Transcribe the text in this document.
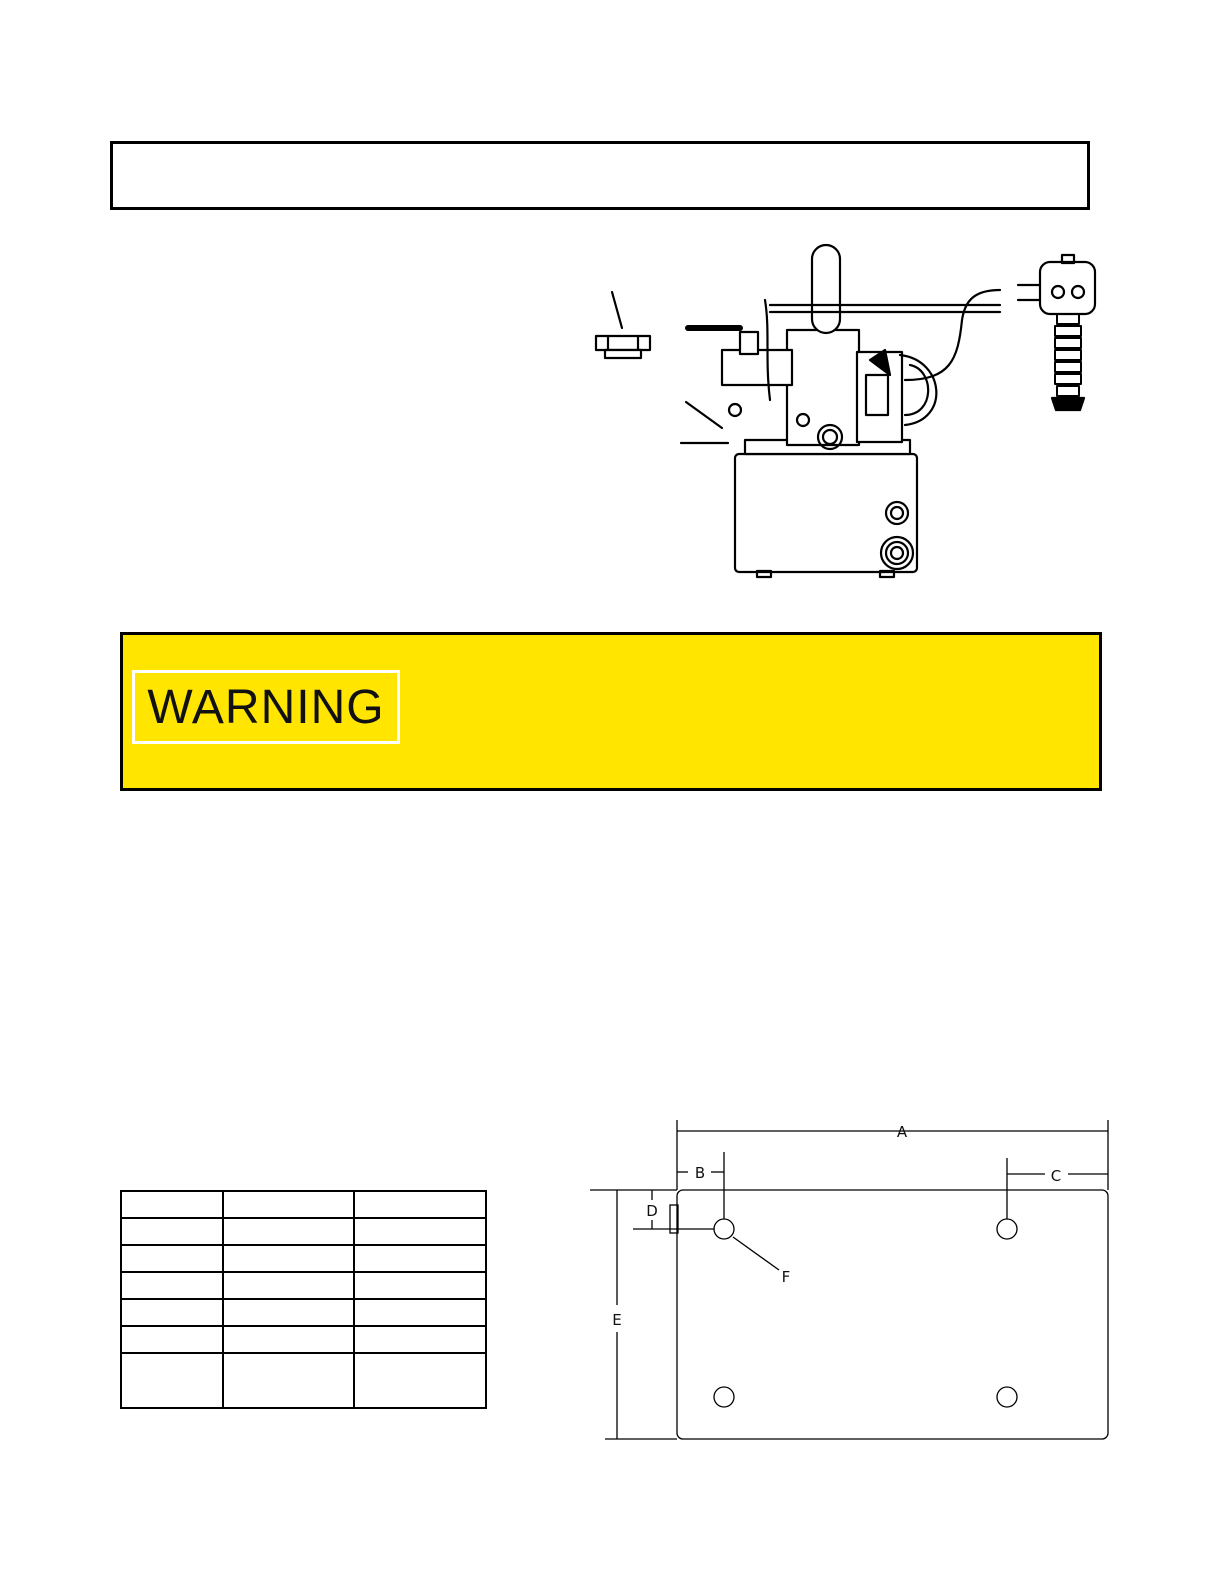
WARNING

A
B	C
D
E
F
